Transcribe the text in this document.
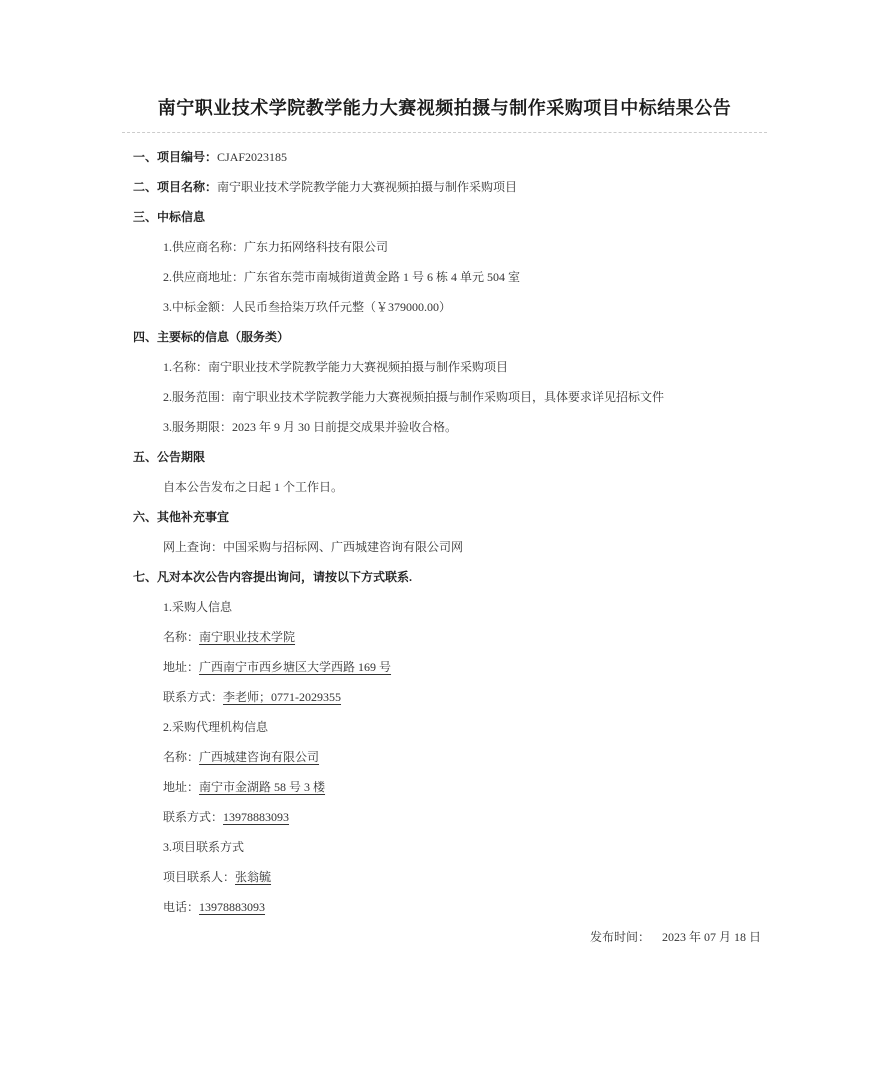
南宁职业技术学院教学能力大赛视频拍摄与制作采购项目中标结果公告

一、项目编号：CJAF2023185

二、项目名称：南宁职业技术学院教学能力大赛视频拍摄与制作采购项目

三、中标信息

1.供应商名称：广东力拓网络科技有限公司

2.供应商地址：广东省东莞市南城街道黄金路 1 号 6 栋 4 单元 504 室

3.中标金额：人民币叁拾柒万玖仟元整（￥379000.00）

四、主要标的信息（服务类）

1.名称：南宁职业技术学院教学能力大赛视频拍摄与制作采购项目

2.服务范围：南宁职业技术学院教学能力大赛视频拍摄与制作采购项目，具体要求详见招标文件

3.服务期限：2023 年 9 月 30 日前提交成果并验收合格。

五、公告期限

自本公告发布之日起 1 个工作日。

六、其他补充事宜

网上查询：中国采购与招标网、广西城建咨询有限公司网

七、凡对本次公告内容提出询问，请按以下方式联系.

1.采购人信息

名称：南宁职业技术学院

地址：广西南宁市西乡塘区大学西路 169 号

联系方式：李老师；0771-2029355

2.采购代理机构信息

名称：广西城建咨询有限公司

地址：南宁市金湖路 58 号 3 楼

联系方式：13978883093

3.项目联系方式

项目联系人：张翁毓

电话：13978883093

发布时间： 2023 年 07 月 18 日
